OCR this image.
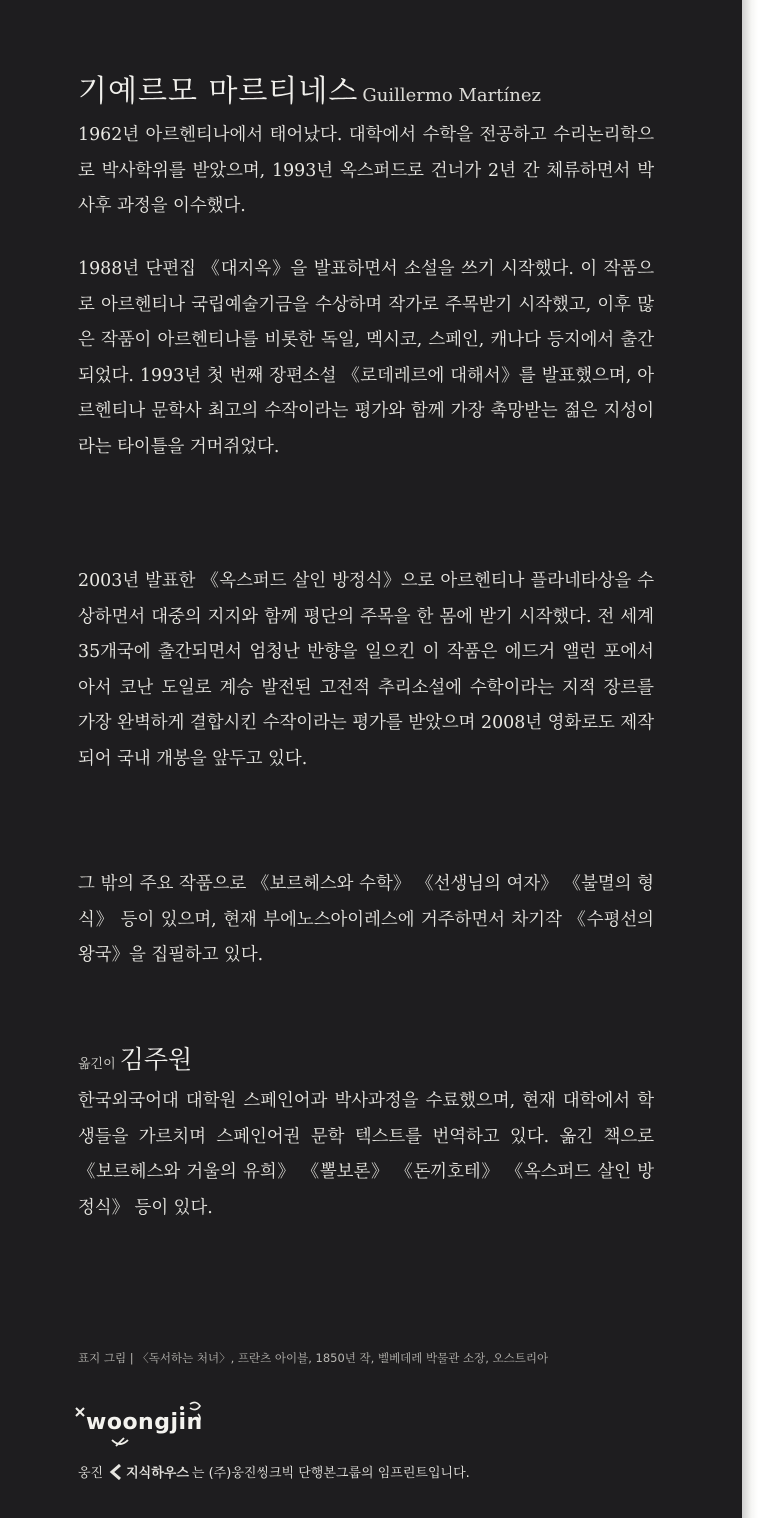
기예르모 마르티네스 Guillermo Martínez

1962년 아르헨티나에서 태어났다. 대학에서 수학을 전공하고 수리논리학으로 박사학위를 받았으며, 1993년 옥스퍼드로 건너가 2년 간 체류하면서 박사후 과정을 이수했다.

1988년 단편집 《대지옥》을 발표하면서 소설을 쓰기 시작했다. 이 작품으로 아르헨티나 국립예술기금을 수상하며 작가로 주목받기 시작했고, 이후 많은 작품이 아르헨티나를 비롯한 독일, 멕시코, 스페인, 캐나다 등지에서 출간되었다. 1993년 첫 번째 장편소설 《로데레르에 대해서》를 발표했으며, 아르헨티나 문학사 최고의 수작이라는 평가와 함께 가장 촉망받는 젊은 지성이라는 타이틀을 거머쥐었다.

2003년 발표한 《옥스퍼드 살인 방정식》으로 아르헨티나 플라네타상을 수상하면서 대중의 지지와 함께 평단의 주목을 한 몸에 받기 시작했다. 전 세계 35개국에 출간되면서 엄청난 반향을 일으킨 이 작품은 에드거 앨런 포에서 아서 코난 도일로 계승 발전된 고전적 추리소설에 수학이라는 지적 장르를 가장 완벽하게 결합시킨 수작이라는 평가를 받았으며 2008년 영화로도 제작되어 국내 개봉을 앞두고 있다.

그 밖의 주요 작품으로 《보르헤스와 수학》 《선생님의 여자》 《불멸의 형식》 등이 있으며, 현재 부에노스아이레스에 거주하면서 차기작 《수평선의 왕국》을 집필하고 있다.

옮긴이 김주원

한국외국어대 대학원 스페인어과 박사과정을 수료했으며, 현재 대학에서 학생들을 가르치며 스페인어권 문학 텍스트를 번역하고 있다. 옮긴 책으로 《보르헤스와 거울의 유희》 《뽈보론》 《돈끼호테》 《옥스퍼드 살인 방정식》 등이 있다.

표지 그림 | 〈독서하는 처녀〉, 프란츠 아이블, 1850년 작, 벨베데레 박물관 소장, 오스트리아
woongjin
웅진 지식하우스 는 (주)웅진씽크빅 단행본그룹의 임프린트입니다.
